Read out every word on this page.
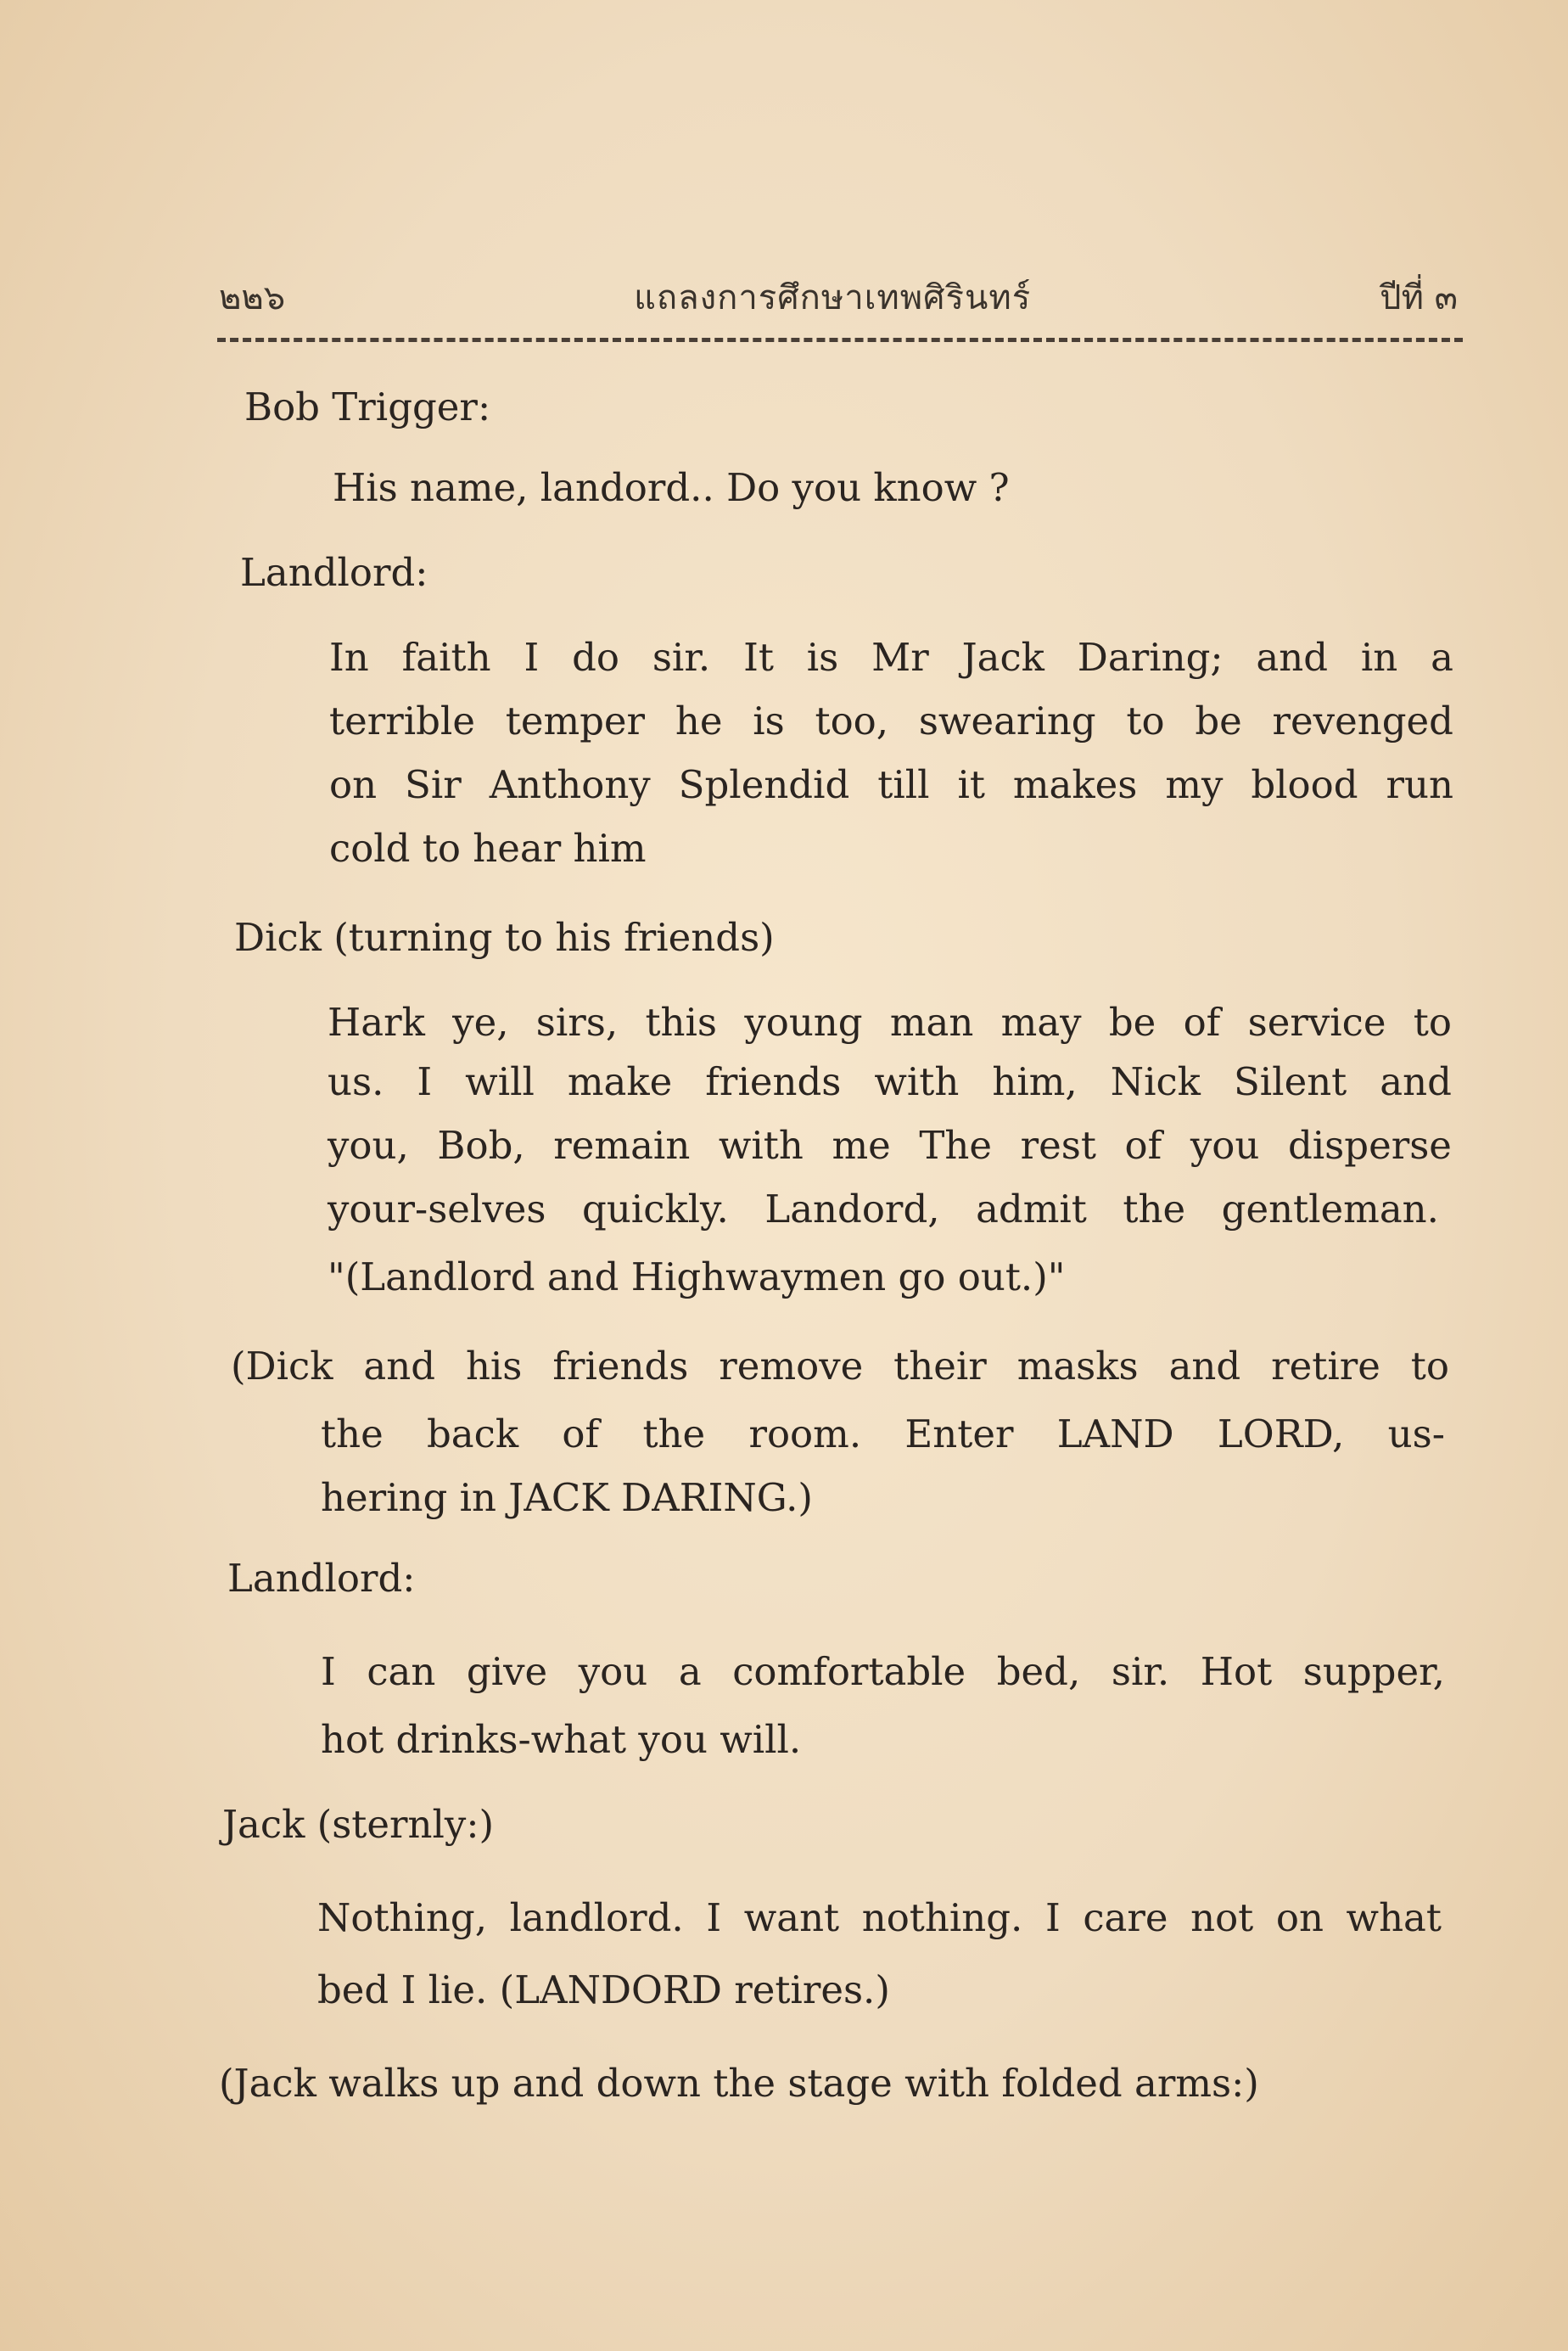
๒๒๖	แถลงการศึกษาเทพศิรินทร์	ปีที่ ๓
Bob Trigger:
His name, landord.. Do you know ?
Landlord:
In faith I do sir. It is Mr Jack Daring; and in a
terrible temper he is too, swearing to be revenged
on Sir Anthony Splendid till it makes my blood run
cold to hear him
Dick (turning to his friends)
Hark ye, sirs, this young man may be of service to
us. I will make friends with him, Nick Silent and
you, Bob, remain with me The rest of you disperse
your-selves quickly. Landord, admit the gentleman.
"(Landlord and Highwaymen go out.)"
(Dick and his friends remove their masks and retire to
the back of the room. Enter LAND LORD, us-
hering in JACK DARING.)
Landlord:
I can give you a comfortable bed, sir. Hot supper,
hot drinks-what you will.
Jack (sternly:)
Nothing, landlord. I want nothing. I care not on what
bed I lie. (LANDORD retires.)
(Jack walks up and down the stage with folded arms:)
